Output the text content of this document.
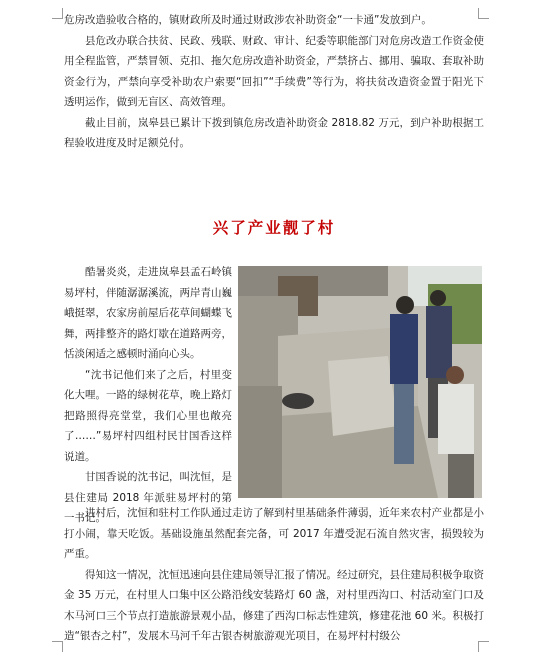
危房改造验收合格的，镇财政所及时通过财政涉农补助资金“一卡通”发放到户。

县危改办联合扶贫、民政、残联、财政、审计、纪委等职能部门对危房改造工作资金使用全程监管，严禁冒领、克扣、拖欠危房改造补助资金，严禁挤占、挪用、骗取、套取补助资金行为，严禁向享受补助农户索要“回扣”“手续费”等行为，将扶贫改造资金置于阳光下透明运作，做到无盲区、高效管理。

截止目前，岚皋县已累计下拨到镇危房改造补助资金 2818.82 万元，到户补助根据工程验收进度及时足额兑付。

兴了产业靓了村

酷暑炎炎，走进岚皋县孟石岭镇易坪村，伴随潺潺溪流，两岸青山巍峨挺翠，农家房前屋后花草间蝴蝶飞舞，两排整齐的路灯歇在道路两旁，恬淡闲适之感顿时涌向心头。

“沈书记他们来了之后，村里变化大哩。一路的绿树花草，晚上路灯把路照得亮堂堂，我们心里也敞亮了……”易坪村四组村民甘国香这样说道。

甘国香说的沈书记，叫沈恒，是县住建局 2018 年派驻易坪村的第一书记。

进村后，沈恒和驻村工作队通过走访了解到村里基础条件薄弱，近年来农村产业都是小打小闹，靠天吃饭。基础设施虽然配套完备，可 2017 年遭受泥石流自然灾害，损毁较为严重。

得知这一情况，沈恒迅速向县住建局领导汇报了情况。经过研究，县住建局积极争取资金 35 万元，在村里人口集中区公路沿线安装路灯 60 盏，对村里西沟口、村活动室门口及木马河口三个节点打造旅游景观小品，修建了西沟口标志性建筑，修建花池 60 米。积极打造“银杏之村”，发展木马河千年古银杏树旅游观光项目，在易坪村村级公
